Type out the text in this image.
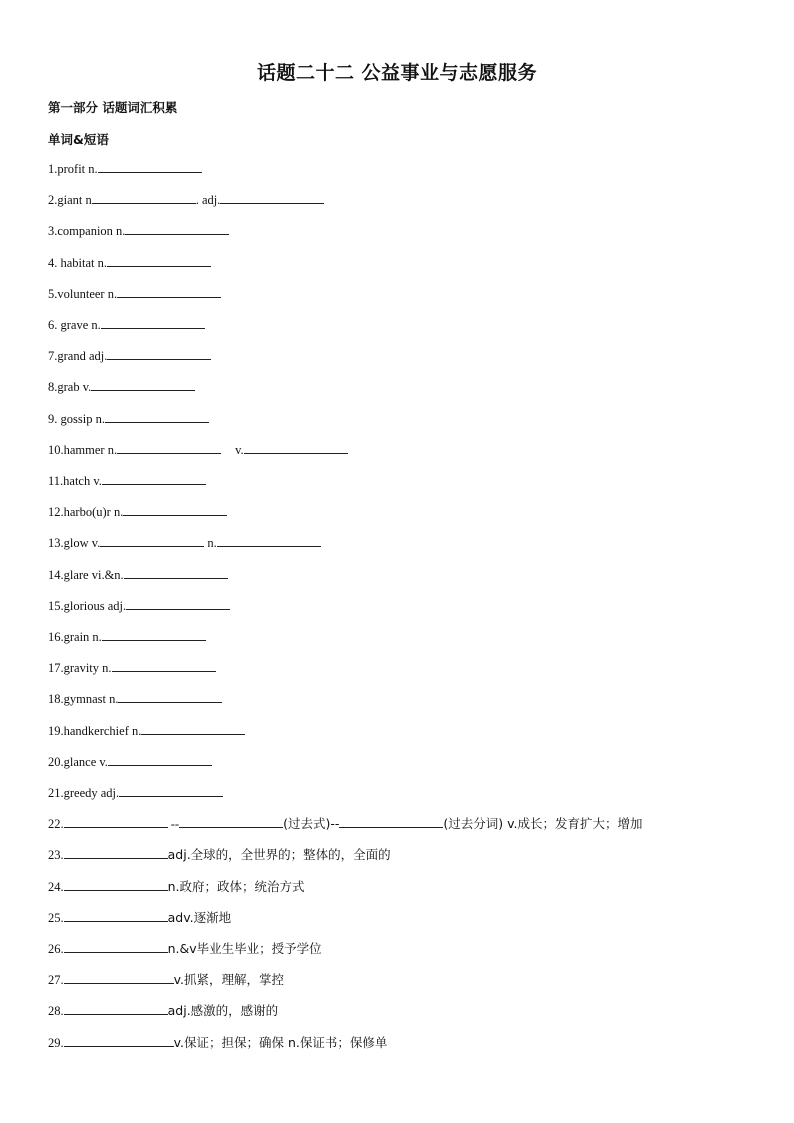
话题二十二 公益事业与志愿服务
第一部分 话题词汇积累
单词&短语
1.profit n.
2.giant n	. adj.
3.companion n.
4. habitat n.
5.volunteer n.
6. grave n.
7.grand adj.
8.grab v.
9. gossip n.
10.hammer n.	v.
11.hatch v.
12.harbo(u)r n.
13.glow v.	n.
14.glare vi.&n.
15.glorious adj.
16.grain n.
17.gravity n.
18.gymnast n.
19.handkerchief n.
20.glance v.
21.greedy adj.
22.	--	(过去式)--	(过去分词) v.成长；发育扩大；增加
23.	adj.全球的，全世界的；整体的，全面的
24.	n.政府；政体；统治方式
25.	adv.逐渐地
26.	n.&v毕业生毕业；授予学位
27.	v.抓紧，理解，掌控
28.	adj.感激的，感谢的
29.	v.保证；担保；确保 n.保证书；保修单
